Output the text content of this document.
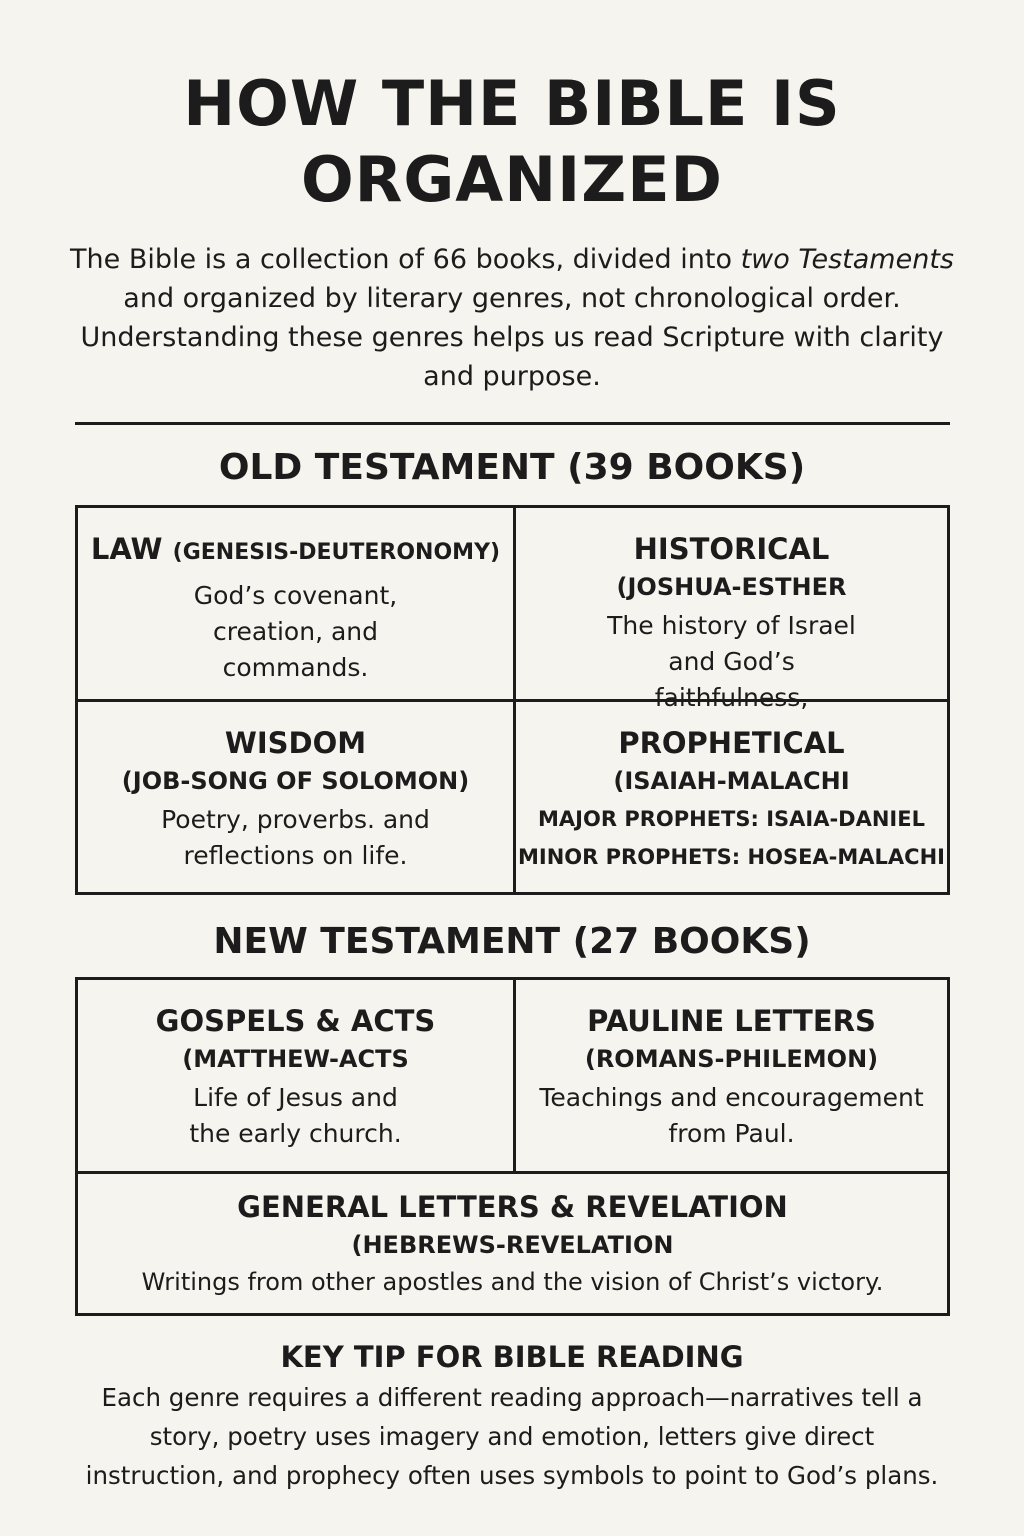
HOW THE BIBLE IS
ORGANIZED

The Bible is a collection of 66 books, divided into two Testaments and organized by literary genres, not chronological order. Understanding these genres helps us read Scripture with clarity and purpose.

OLD TESTAMENT (39 BOOKS)
LAW (GENESIS-DEUTERONOMY)
God’s covenant, creation, and commands.
HISTORICAL
(JOSHUA-ESTHER
The history of Israel and God’s faithfulness,
WISDOM
(JOB-SONG OF SOLOMON)
Poetry, proverbs. and reflections on life.
PROPHETICAL
(ISAIAH-MALACHI
MAJOR PROPHETS: ISAIA-DANIEL
MINOR PROPHETS: HOSEA-MALACHI
NEW TESTAMENT (27 BOOKS)
GOSPELS & ACTS
(MATTHEW-ACTS
Life of Jesus and the early church.
PAULINE LETTERS
(ROMANS-PHILEMON)
Teachings and encouragement from Paul.
GENERAL LETTERS & REVELATION
(HEBREWS-REVELATION
Writings from other apostles and the vision of Christ’s victory.
KEY TIP FOR BIBLE READING

Each genre requires a different reading approach—narratives tell a story, poetry uses imagery and emotion, letters give direct instruction, and prophecy often uses symbols to point to God’s plans.
